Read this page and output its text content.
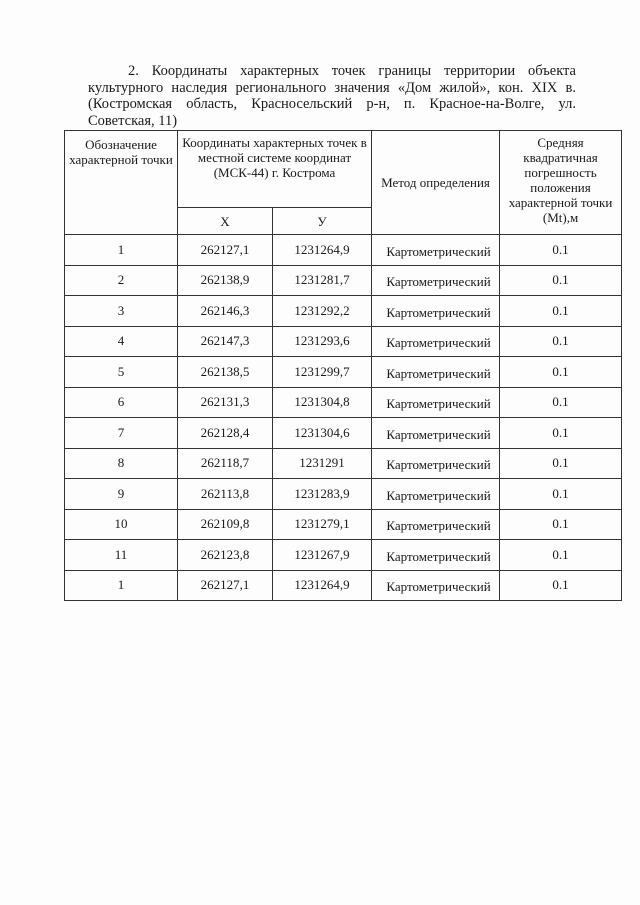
2. Координаты характерных точек границы территории объекта культурного наследия регионального значения «Дом жилой», кон. XIX в. (Костромская область, Красносельский р-н, п. Красное-на-Волге, ул. Советская, 11)
Обозначение характерной точки	Координаты характерных точек в местной системе координат (МСК-44) г. Кострома		Метод определения	Средняя квадратичная погрешность положения характерной точки (Mt),м
	Х	У		
1	262127,1	1231264,9	Картометрический	0.1
2	262138,9	1231281,7	Картометрический	0.1
3	262146,3	1231292,2	Картометрический	0.1
4	262147,3	1231293,6	Картометрический	0.1
5	262138,5	1231299,7	Картометрический	0.1
6	262131,3	1231304,8	Картометрический	0.1
7	262128,4	1231304,6	Картометрический	0.1
8	262118,7	1231291	Картометрический	0.1
9	262113,8	1231283,9	Картометрический	0.1
10	262109,8	1231279,1	Картометрический	0.1
11	262123,8	1231267,9	Картометрический	0.1
1	262127,1	1231264,9	Картометрический	0.1
